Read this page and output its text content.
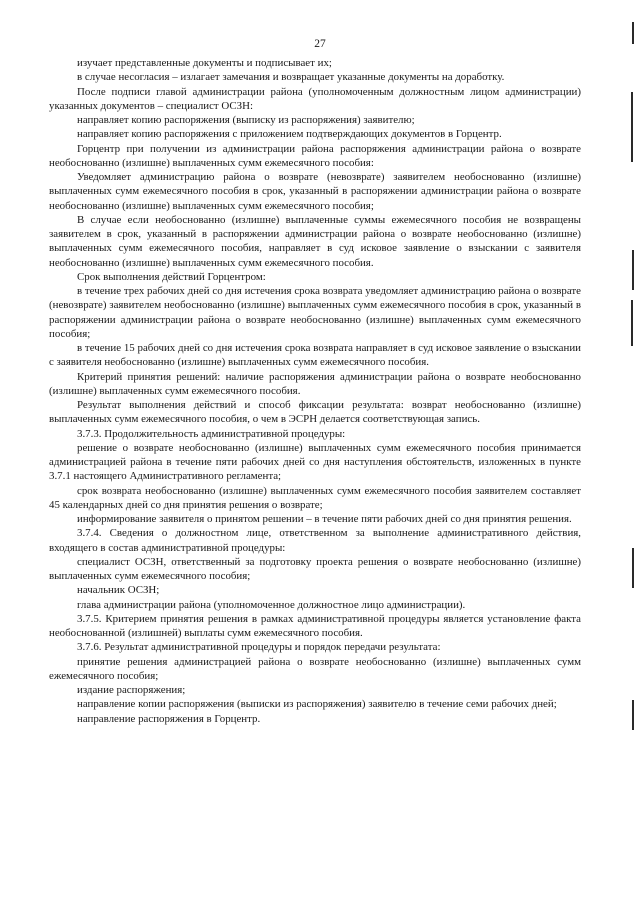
27

изучает представленные документы и подписывает их;

в случае несогласия – излагает замечания и возвращает указанные документы на доработку.

После подписи главой администрации района (уполномоченным должностным лицом администрации) указанных документов – специалист ОСЗН:

направляет копию распоряжения (выписку из распоряжения) заявителю;

направляет копию распоряжения с приложением подтверждающих документов в Горцентр.

Горцентр при получении из администрации района распоряжения администрации района о возврате необоснованно (излишне) выплаченных сумм ежемесячного пособия:

Уведомляет администрацию района о возврате (невозврате) заявителем необоснованно (излишне) выплаченных сумм ежемесячного пособия в срок, указанный в распоряжении администрации района о возврате необоснованно (излишне) выплаченных сумм ежемесячного пособия;

В случае если необоснованно (излишне) выплаченные суммы ежемесячного пособия не возвращены заявителем в срок, указанный в распоряжении администрации района о возврате необоснованно (излишне) выплаченных сумм ежемесячного пособия, направляет в суд исковое заявление о взыскании с заявителя необоснованно (излишне) выплаченных сумм ежемесячного пособия.

Срок выполнения действий Горцентром:

в течение трех рабочих дней со дня истечения срока возврата уведомляет администрацию района о возврате (невозврате) заявителем необоснованно (излишне) выплаченных сумм ежемесячного пособия в срок, указанный в распоряжении администрации района о возврате необоснованно (излишне) выплаченных сумм ежемесячного пособия;

в течение 15 рабочих дней со дня истечения срока возврата направляет в суд исковое заявление о взыскании с заявителя необоснованно (излишне) выплаченных сумм ежемесячного пособия.

Критерий принятия решений: наличие распоряжения администрации района о возврате необоснованно (излишне) выплаченных сумм ежемесячного пособия.

Результат выполнения действий и способ фиксации результата: возврат необоснованно (излишне) выплаченных сумм ежемесячного пособия, о чем в ЭСРН делается соответствующая запись.

3.7.3. Продолжительность административной процедуры:

решение о возврате необоснованно (излишне) выплаченных сумм ежемесячного пособия принимается администрацией района в течение пяти рабочих дней со дня наступления обстоятельств, изложенных в пункте 3.7.1 настоящего Административного регламента;

срок возврата необоснованно (излишне) выплаченных сумм ежемесячного пособия заявителем составляет 45 календарных дней со дня принятия решения о возврате;

информирование заявителя о принятом решении – в течение пяти рабочих дней со дня принятия решения.

3.7.4. Сведения о должностном лице, ответственном за выполнение административного действия, входящего в состав административной процедуры:

специалист ОСЗН, ответственный за подготовку проекта решения о возврате необоснованно (излишне) выплаченных сумм ежемесячного пособия;

начальник ОСЗН;

глава администрации района (уполномоченное должностное лицо администрации).

3.7.5. Критерием принятия решения в рамках административной процедуры является установление факта необоснованной (излишней) выплаты сумм ежемесячного пособия.

3.7.6. Результат административной процедуры и порядок передачи результата:

принятие решения администрацией района о возврате необоснованно (излишне) выплаченных сумм ежемесячного пособия;

издание распоряжения;

направление копии распоряжения (выписки из распоряжения) заявителю в течение семи рабочих дней;

направление распоряжения в Горцентр.
